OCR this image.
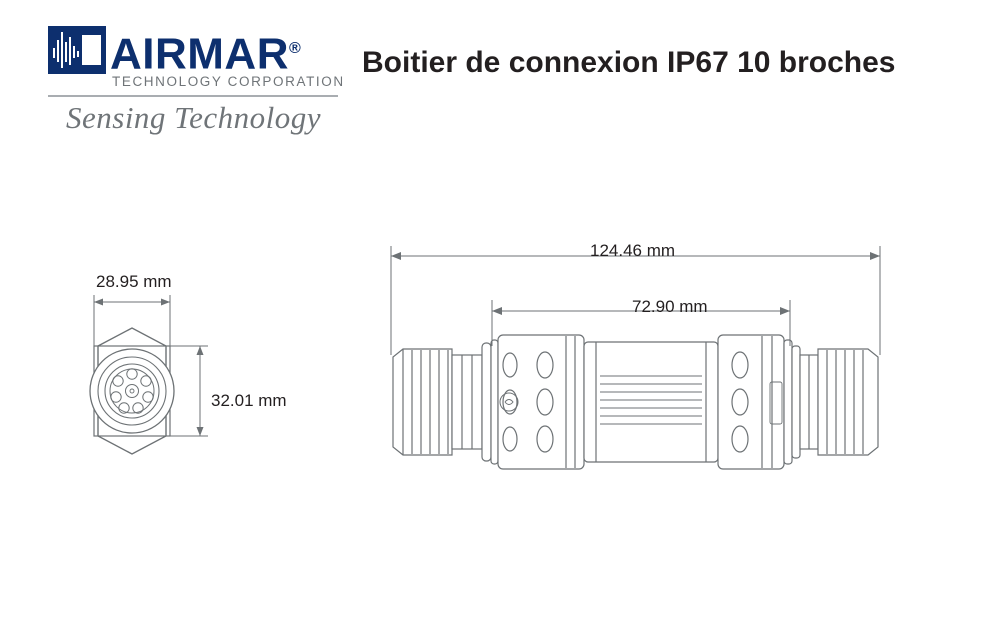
AIRMAR®
TECHNOLOGY CORPORATION
Sensing Technology
Boitier de connexion IP67 10 broches
28.95 mm
32.01 mm
124.46 mm
72.90 mm
